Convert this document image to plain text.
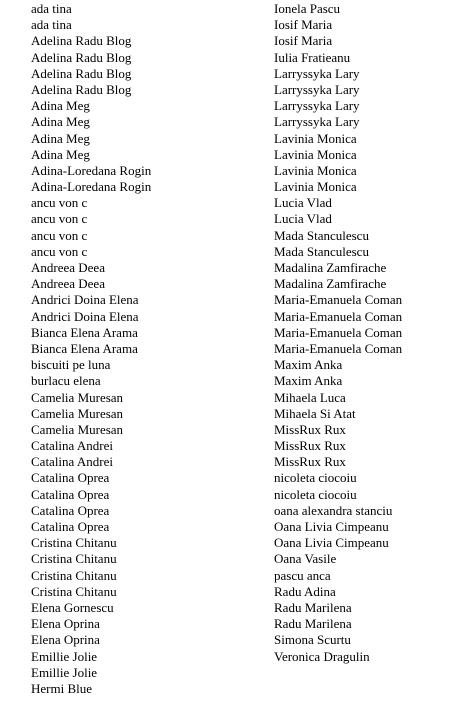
ada tina
ada tina
Adelina Radu Blog
Adelina Radu Blog
Adelina Radu Blog
Adelina Radu Blog
Adina Meg
Adina Meg
Adina Meg
Adina Meg
Adina-Loredana Rogin
Adina-Loredana Rogin
ancu von c
ancu von c
ancu von c
ancu von c
Andreea Deea
Andreea Deea
Andrici Doina Elena
Andrici Doina Elena
Bianca Elena Arama
Bianca Elena Arama
biscuiti pe luna
burlacu elena
Camelia Muresan
Camelia Muresan
Camelia Muresan
Catalina Andrei
Catalina Andrei
Catalina Oprea
Catalina Oprea
Catalina Oprea
Catalina Oprea
Cristina Chitanu
Cristina Chitanu
Cristina Chitanu
Cristina Chitanu
Elena Gornescu
Elena Oprina
Elena Oprina
Emillie Jolie
Emillie Jolie
Hermi Blue
Ionela Pascu
Iosif Maria
Iosif Maria
Iulia Fratieanu
Larryssyka Lary
Larryssyka Lary
Larryssyka Lary
Larryssyka Lary
Lavinia Monica
Lavinia Monica
Lavinia Monica
Lavinia Monica
Lucia Vlad
Lucia Vlad
Mada Stanculescu
Mada Stanculescu
Madalina Zamfirache
Madalina Zamfirache
Maria-Emanuela Coman
Maria-Emanuela Coman
Maria-Emanuela Coman
Maria-Emanuela Coman
Maxim Anka
Maxim Anka
Mihaela Luca
Mihaela Si Atat
MissRux Rux
MissRux Rux
MissRux Rux
nicoleta ciocoiu
nicoleta ciocoiu
oana alexandra stanciu
Oana Livia Cimpeanu
Oana Livia Cimpeanu
Oana Vasile
pascu anca
Radu Adina
Radu Marilena
Radu Marilena
Simona Scurtu
Veronica Dragulin
